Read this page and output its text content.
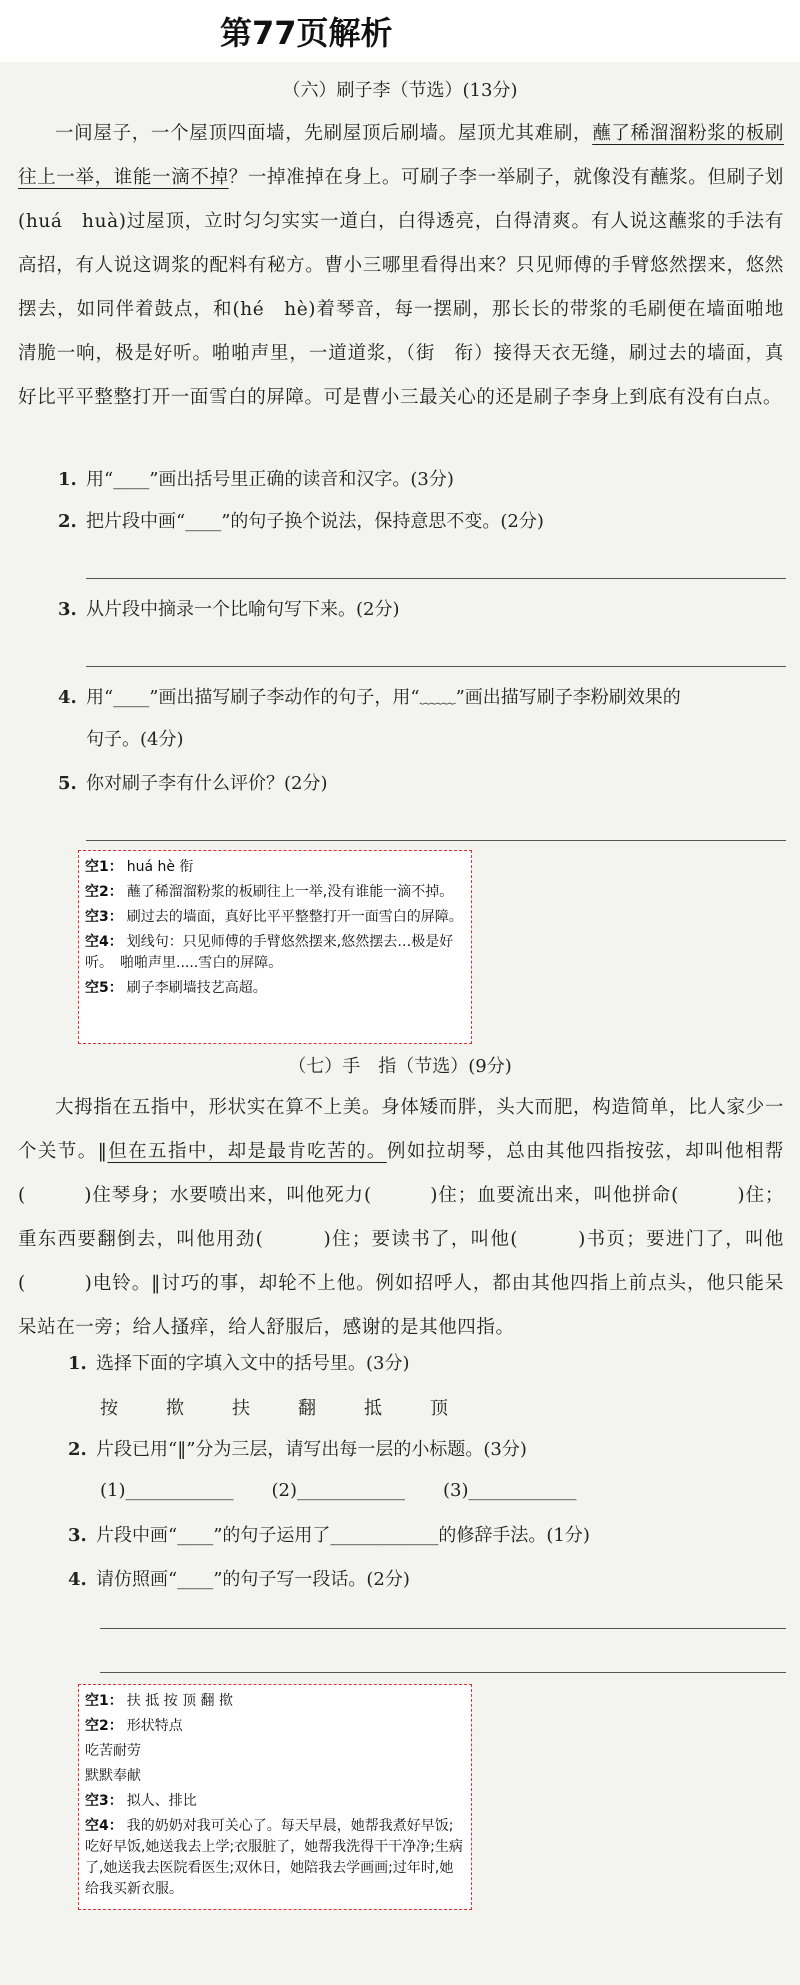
第77页解析
（六）刷子李（节选）(13分)
一间屋子，一个屋顶四面墙，先刷屋顶后刷墙。屋顶尤其难刷，蘸了稀溜溜粉浆的板刷往上一举，谁能一滴不掉？一掉准掉在身上。可刷子李一举刷子，就像没有蘸浆。但刷子划(huá　huà)过屋顶，立时匀匀实实一道白，白得透亮，白得清爽。有人说这蘸浆的手法有高招，有人说这调浆的配料有秘方。曹小三哪里看得出来？只见师傅的手臂悠然摆来，悠然摆去，如同伴着鼓点，和(hé　hè)着琴音，每一摆刷，那长长的带浆的毛刷便在墙面啪地清脆一响，极是好听。啪啪声里，一道道浆，（街　衔）接得天衣无缝，刷过去的墙面，真好比平平整整打开一面雪白的屏障。可是曹小三最关心的还是刷子李身上到底有没有白点。
1. 用“____”画出括号里正确的读音和汉字。(3分)
2. 把片段中画“____”的句子换个说法，保持意思不变。(2分)
3. 从片段中摘录一个比喻句写下来。(2分)
4. 用“____”画出描写刷子李动作的句子，用“﹏﹏”画出描写刷子李粉刷效果的
句子。(4分)
5. 你对刷子李有什么评价？(2分)
空1： huá hè 衔
空2： 蘸了稀溜溜粉浆的板刷往上一举,没有谁能一滴不掉。
空3： 刷过去的墙面，真好比平平整整打开一面雪白的屏障。
空4： 划线句：只见师傅的手臂悠然摆来,悠然摆去…极是好听。　啪啪声里.....雪白的屏障。
空5： 刷子李刷墙技艺高超。
（七）手　指（节选）(9分)
大拇指在五指中，形状实在算不上美。身体矮而胖，头大而肥，构造简单，比人家少一个关节。‖但在五指中，却是最肯吃苦的。例如拉胡琴，总由其他四指按弦，却叫他相帮(　　　)住琴身；水要喷出来，叫他死力(　　　)住；血要流出来，叫他拼命(　　　)住；重东西要翻倒去，叫他用劲(　　　)住；要读书了，叫他(　　　)书页；要进门了，叫他(　　　)电铃。‖讨巧的事，却轮不上他。例如招呼人，都由其他四指上前点头，他只能呆呆站在一旁；给人搔痒，给人舒服后，感谢的是其他四指。
1. 选择下面的字填入文中的括号里。(3分)
按	揿	扶	翻	抵	顶
2. 片段已用“‖”分为三层，请写出每一层的小标题。(3分)
(1)____________ (2)____________ (3)____________
3. 片段中画“____”的句子运用了____________的修辞手法。(1分)
4. 请仿照画“____”的句子写一段话。(2分)
空1： 扶 抵 按 顶 翻 揿
空2： 形状特点
吃苦耐劳
默默奉献
空3： 拟人、排比
空4： 我的奶奶对我可关心了。每天早晨，她帮我煮好早饭;吃好早饭,她送我去上学;衣服脏了，她帮我洗得干干净净;生病了,她送我去医院看医生;双休日，她陪我去学画画;过年时,她给我买新衣服。
